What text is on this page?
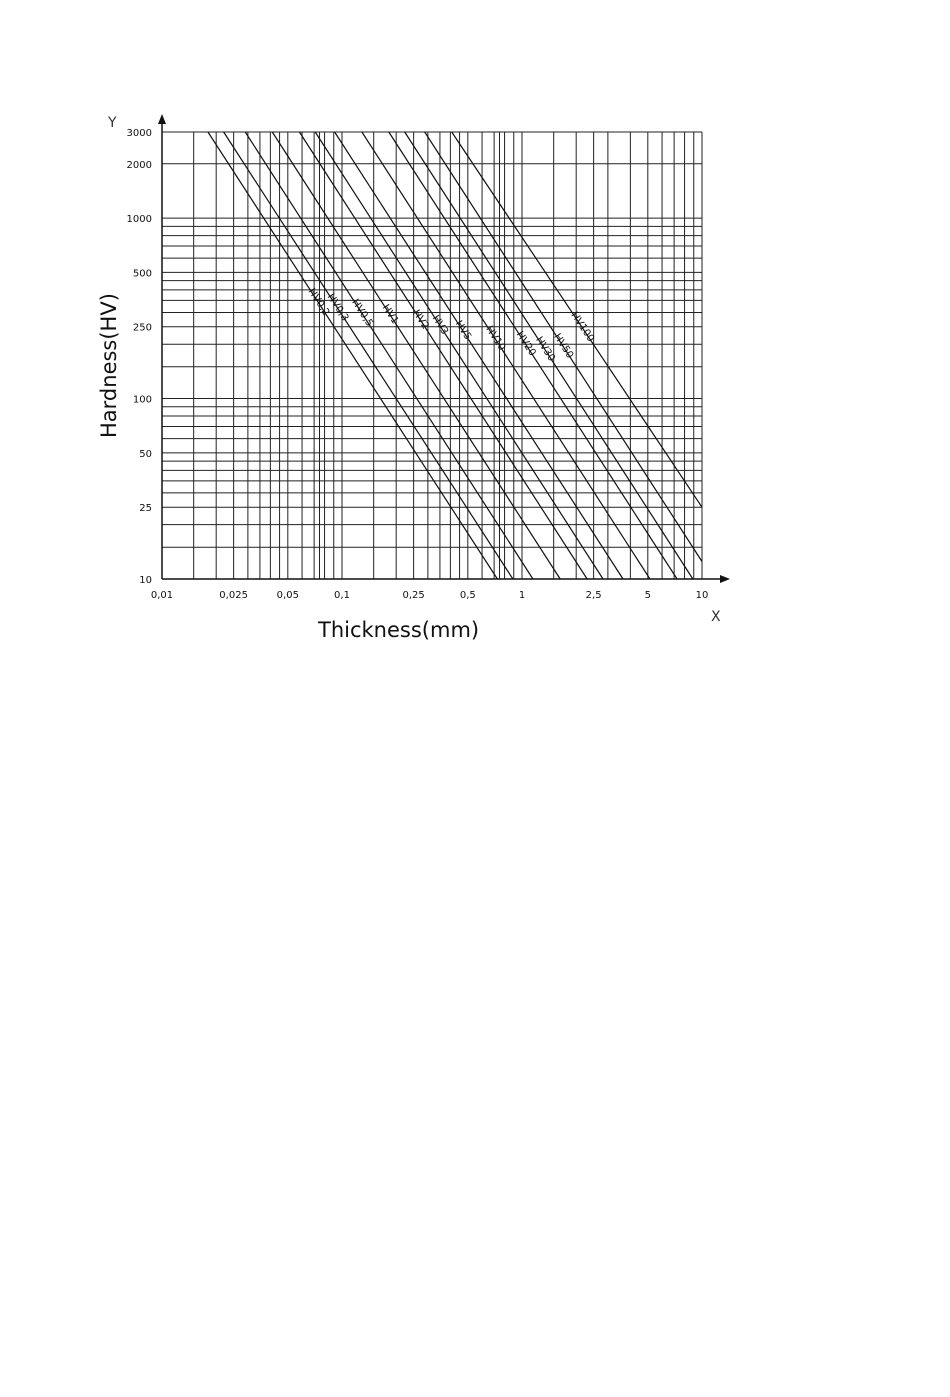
X
Y
Thickness(mm)
Hardness(HV)
0,01	0,025	0,05	0,1	0,25	0,5	1	2,5	5	10
10
25
50
100
250
500
1000
2000
3000
HV0,2
HV0,3
HV0,5 HV1 HV2
HV3 HV5 HV10 HV20
HV30
HV50
HV100
